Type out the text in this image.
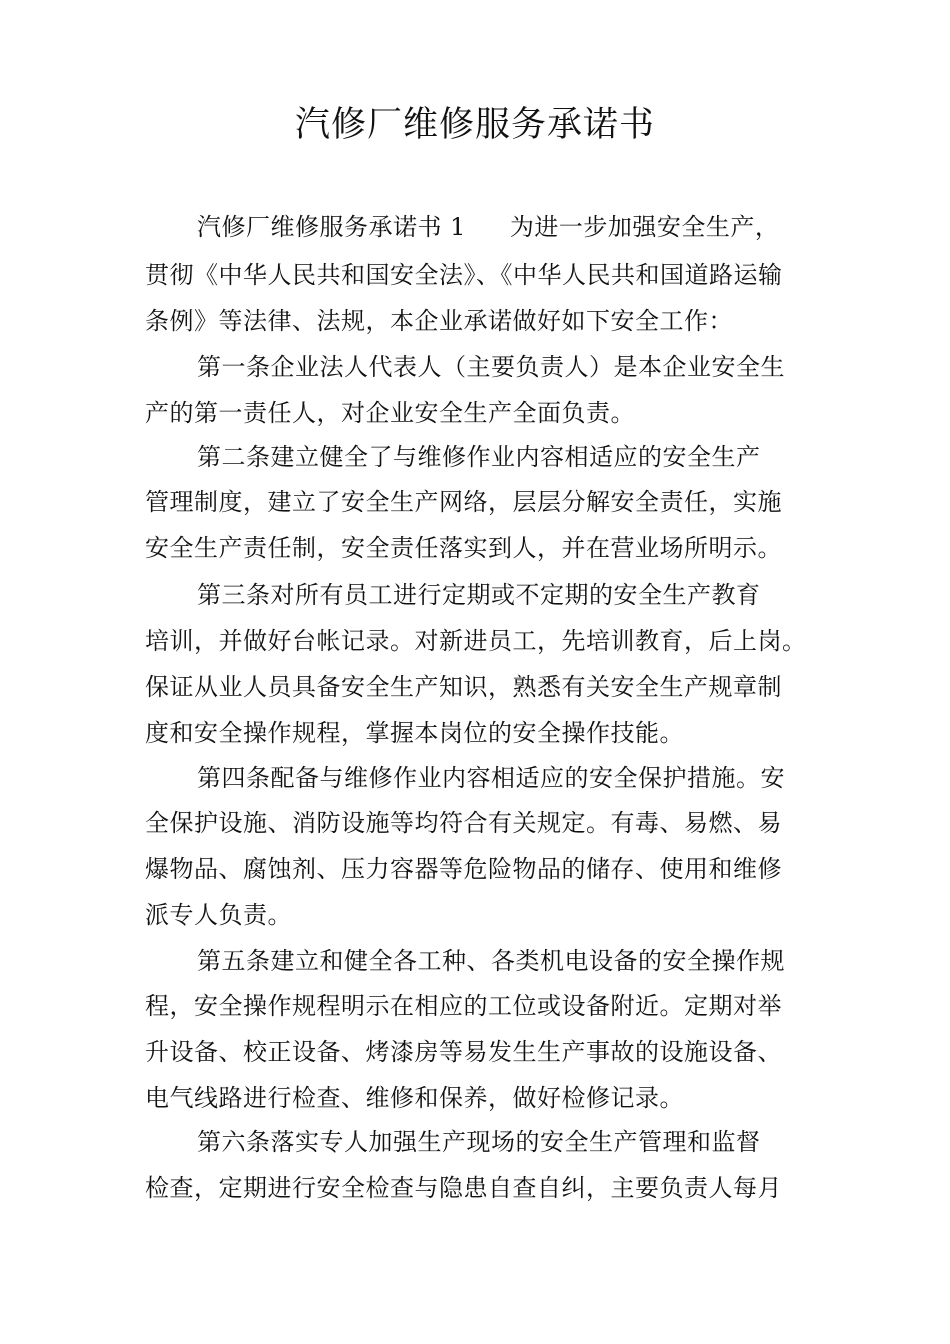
汽修厂维修服务承诺书
汽修厂维修服务承诺书 1 为进一步加强安全生产，
贯彻《中华人民共和国安全法》、《中华人民共和国道路运输
条例》等法律、法规，本企业承诺做好如下安全工作：
第一条企业法人代表人（主要负责人）是本企业安全生
产的第一责任人，对企业安全生产全面负责。
第二条建立健全了与维修作业内容相适应的安全生产
管理制度，建立了安全生产网络，层层分解安全责任，实施
安全生产责任制，安全责任落实到人，并在营业场所明示。
第三条对所有员工进行定期或不定期的安全生产教育
培训，并做好台帐记录。对新进员工，先培训教育，后上岗。
保证从业人员具备安全生产知识，熟悉有关安全生产规章制
度和安全操作规程，掌握本岗位的安全操作技能。
第四条配备与维修作业内容相适应的安全保护措施。安
全保护设施、消防设施等均符合有关规定。有毒、易燃、易
爆物品、腐蚀剂、压力容器等危险物品的储存、使用和维修
派专人负责。
第五条建立和健全各工种、各类机电设备的安全操作规
程，安全操作规程明示在相应的工位或设备附近。定期对举
升设备、校正设备、烤漆房等易发生生产事故的设施设备、
电气线路进行检查、维修和保养，做好检修记录。
第六条落实专人加强生产现场的安全生产管理和监督
检查，定期进行安全检查与隐患自查自纠，主要负责人每月
